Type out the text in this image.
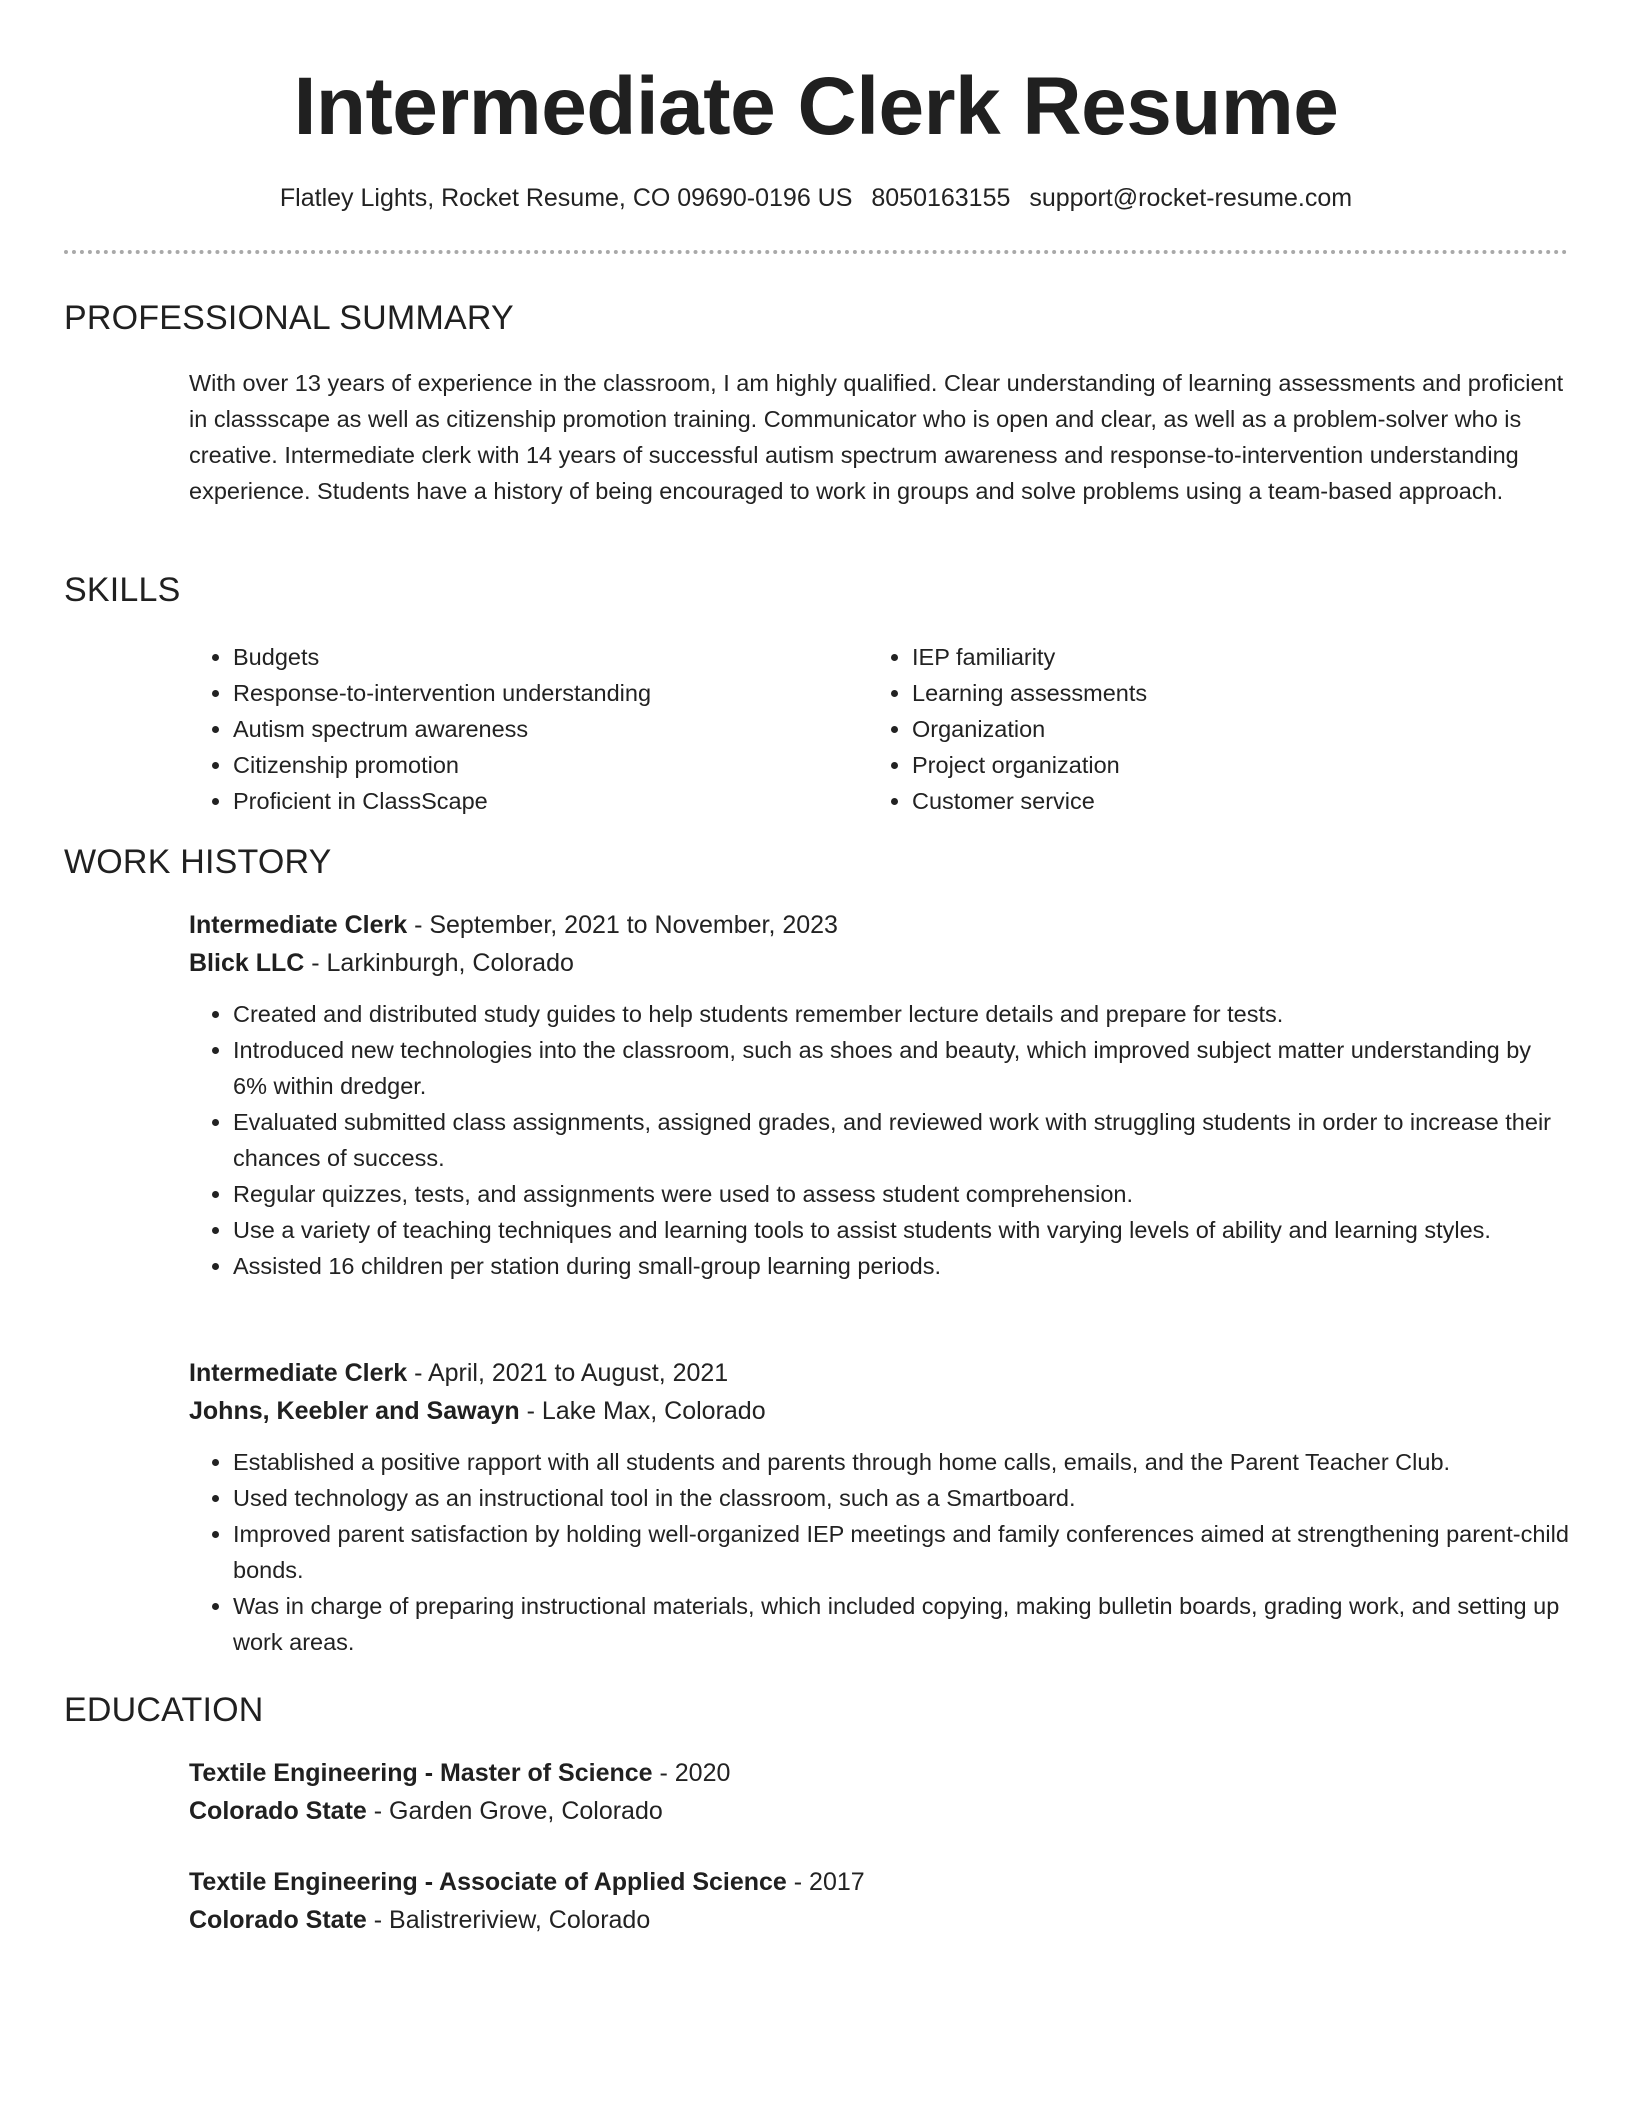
Intermediate Clerk Resume
Flatley Lights, Rocket Resume, CO 09690-0196 US 8050163155 support@rocket-resume.com
PROFESSIONAL SUMMARY

With over 13 years of experience in the classroom, I am highly qualified. Clear understanding of learning assessments and proficient in classscape as well as citizenship promotion training. Communicator who is open and clear, as well as a problem-solver who is creative. Intermediate clerk with 14 years of successful autism spectrum awareness and response-to-intervention understanding experience. Students have a history of being encouraged to work in groups and solve problems using a team-based approach.

SKILLS
• Budgets
• Response-to-intervention understanding
• Autism spectrum awareness
• Citizenship promotion
• Proficient in ClassScape
• IEP familiarity
• Learning assessments
• Organization
• Project organization
• Customer service
WORK HISTORY
Intermediate Clerk - September, 2021 to November, 2023
Blick LLC - Larkinburgh, Colorado
• Created and distributed study guides to help students remember lecture details and prepare for tests.
• Introduced new technologies into the classroom, such as shoes and beauty, which improved subject matter understanding by 6% within dredger.
• Evaluated submitted class assignments, assigned grades, and reviewed work with struggling students in order to increase their chances of success.
• Regular quizzes, tests, and assignments were used to assess student comprehension.
• Use a variety of teaching techniques and learning tools to assist students with varying levels of ability and learning styles.
• Assisted 16 children per station during small-group learning periods.
Intermediate Clerk - April, 2021 to August, 2021
Johns, Keebler and Sawayn - Lake Max, Colorado
• Established a positive rapport with all students and parents through home calls, emails, and the Parent Teacher Club.
• Used technology as an instructional tool in the classroom, such as a Smartboard.
• Improved parent satisfaction by holding well-organized IEP meetings and family conferences aimed at strengthening parent-child bonds.
• Was in charge of preparing instructional materials, which included copying, making bulletin boards, grading work, and setting up work areas.
EDUCATION
Textile Engineering - Master of Science - 2020
Colorado State - Garden Grove, Colorado
Textile Engineering - Associate of Applied Science - 2017
Colorado State - Balistreriview, Colorado
